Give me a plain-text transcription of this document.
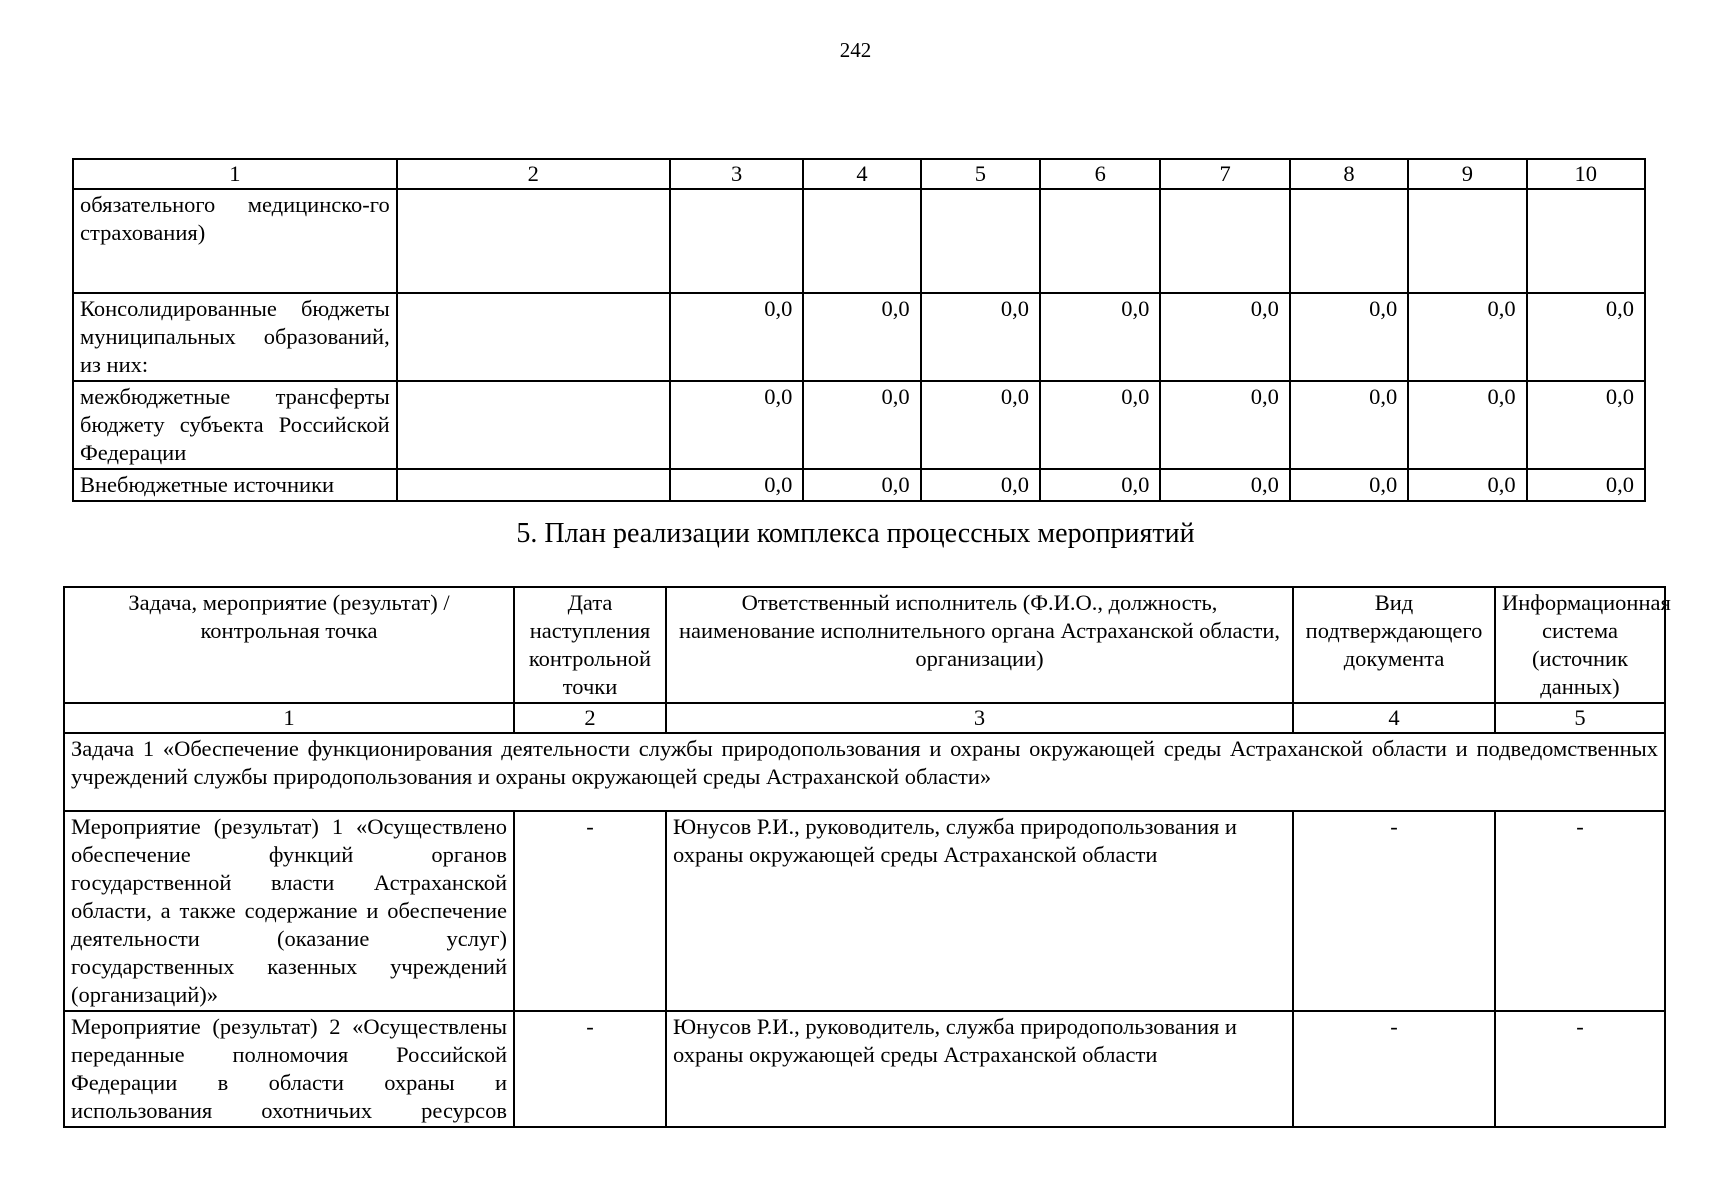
242
1	2	3	4	5	6	7	8	9	10
обязательного медицинско-го страхования)									
Консолидированные бюджеты муниципальных образований, из них:		0,0	0,0	0,0	0,0	0,0	0,0	0,0	0,0
межбюджетные трансферты бюджету субъекта Российской Федерации		0,0	0,0	0,0	0,0	0,0	0,0	0,0	0,0
Внебюджетные источники		0,0	0,0	0,0	0,0	0,0	0,0	0,0	0,0
5. План реализации комплекса процессных мероприятий
Задача, мероприятие (результат) / контрольная точка	Дата наступления контрольной точки	Ответственный исполнитель (Ф.И.О., должность, наименование исполнительного органа Астраханской области, организации)	Вид подтверждающего документа	Информационная система (источник данных)
1	2	3	4	5
Задача 1 «Обеспечение функционирования деятельности службы природопользования и охраны окружающей среды Астраханской области и подведомственных учреждений службы природопользования и охраны окружающей среды Астраханской области»				
Мероприятие (результат) 1 «Осуществлено обеспечение функций органов государственной власти Астраханской области, а также содержание и обеспечение деятельности (оказание услуг) государственных казенных учреждений (организаций)»	-	Юнусов Р.И., руководитель, служба природопользования и охраны окружающей среды Астраханской области	-	-
Мероприятие (результат) 2 «Осуществлены переданные полномочия Российской Федерации в области охраны и использования охотничьих ресурсов	-	Юнусов Р.И., руководитель, служба природопользования и охраны окружающей среды Астраханской области	-	-
